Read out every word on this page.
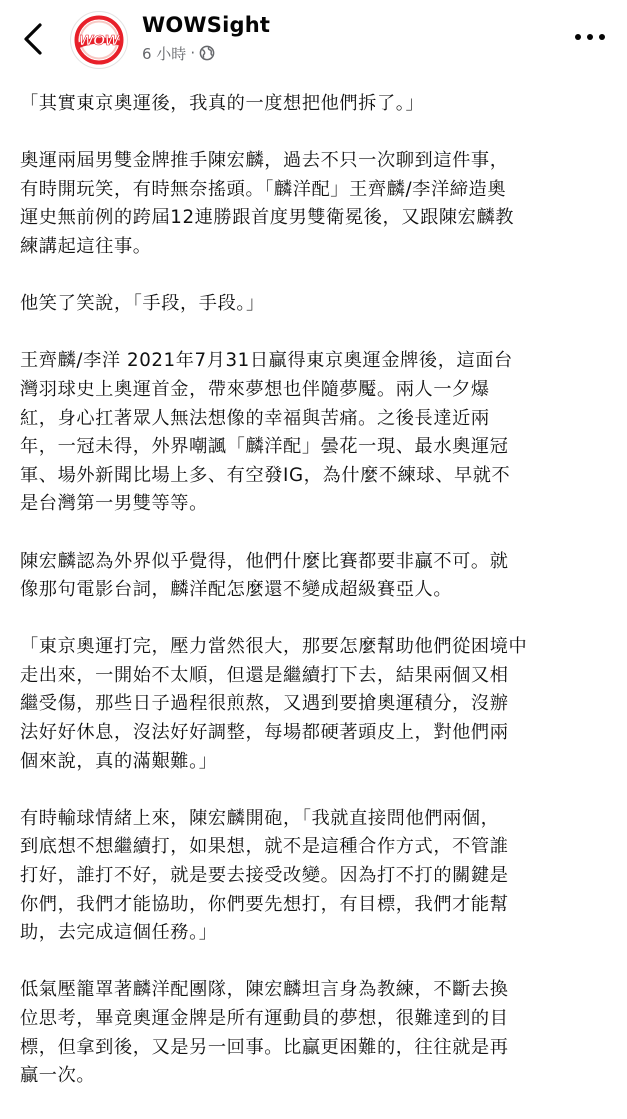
WOW
WOWSight
6 小時 ·
「其實東京奧運後，我真的一度想把他們拆了。」
奧運兩屆男雙金牌推手陳宏麟，過去不只一次聊到這件事，
有時開玩笑，有時無奈搖頭。「麟洋配」王齊麟/李洋締造奧
運史無前例的跨屆12連勝跟首度男雙衛冕後，又跟陳宏麟教
練講起這往事。
他笑了笑說，「手段，手段。」
王齊麟/李洋 2021年7月31日贏得東京奧運金牌後，這面台
灣羽球史上奧運首金，帶來夢想也伴隨夢魘。兩人一夕爆
紅，身心扛著眾人無法想像的幸福與苦痛。之後長達近兩
年，一冠未得，外界嘲諷「麟洋配」曇花一現、最水奧運冠
軍、場外新聞比場上多、有空發IG，為什麼不練球、早就不
是台灣第一男雙等等。
陳宏麟認為外界似乎覺得，他們什麼比賽都要非贏不可。就
像那句電影台詞，麟洋配怎麼還不變成超級賽亞人。
「東京奧運打完，壓力當然很大，那要怎麼幫助他們從困境中
走出來，一開始不太順，但還是繼續打下去，結果兩個又相
繼受傷，那些日子過程很煎熬，又遇到要搶奧運積分，沒辦
法好好休息，沒法好好調整，每場都硬著頭皮上，對他們兩
個來說，真的滿艱難。」
有時輸球情緒上來，陳宏麟開砲，「我就直接問他們兩個，
到底想不想繼續打，如果想，就不是這種合作方式，不管誰
打好，誰打不好，就是要去接受改變。因為打不打的關鍵是
你們，我們才能協助，你們要先想打，有目標，我們才能幫
助，去完成這個任務。」
低氣壓籠罩著麟洋配團隊，陳宏麟坦言身為教練，不斷去換
位思考，畢竟奧運金牌是所有運動員的夢想，很難達到的目
標，但拿到後，又是另一回事。比贏更困難的，往往就是再
贏一次。
